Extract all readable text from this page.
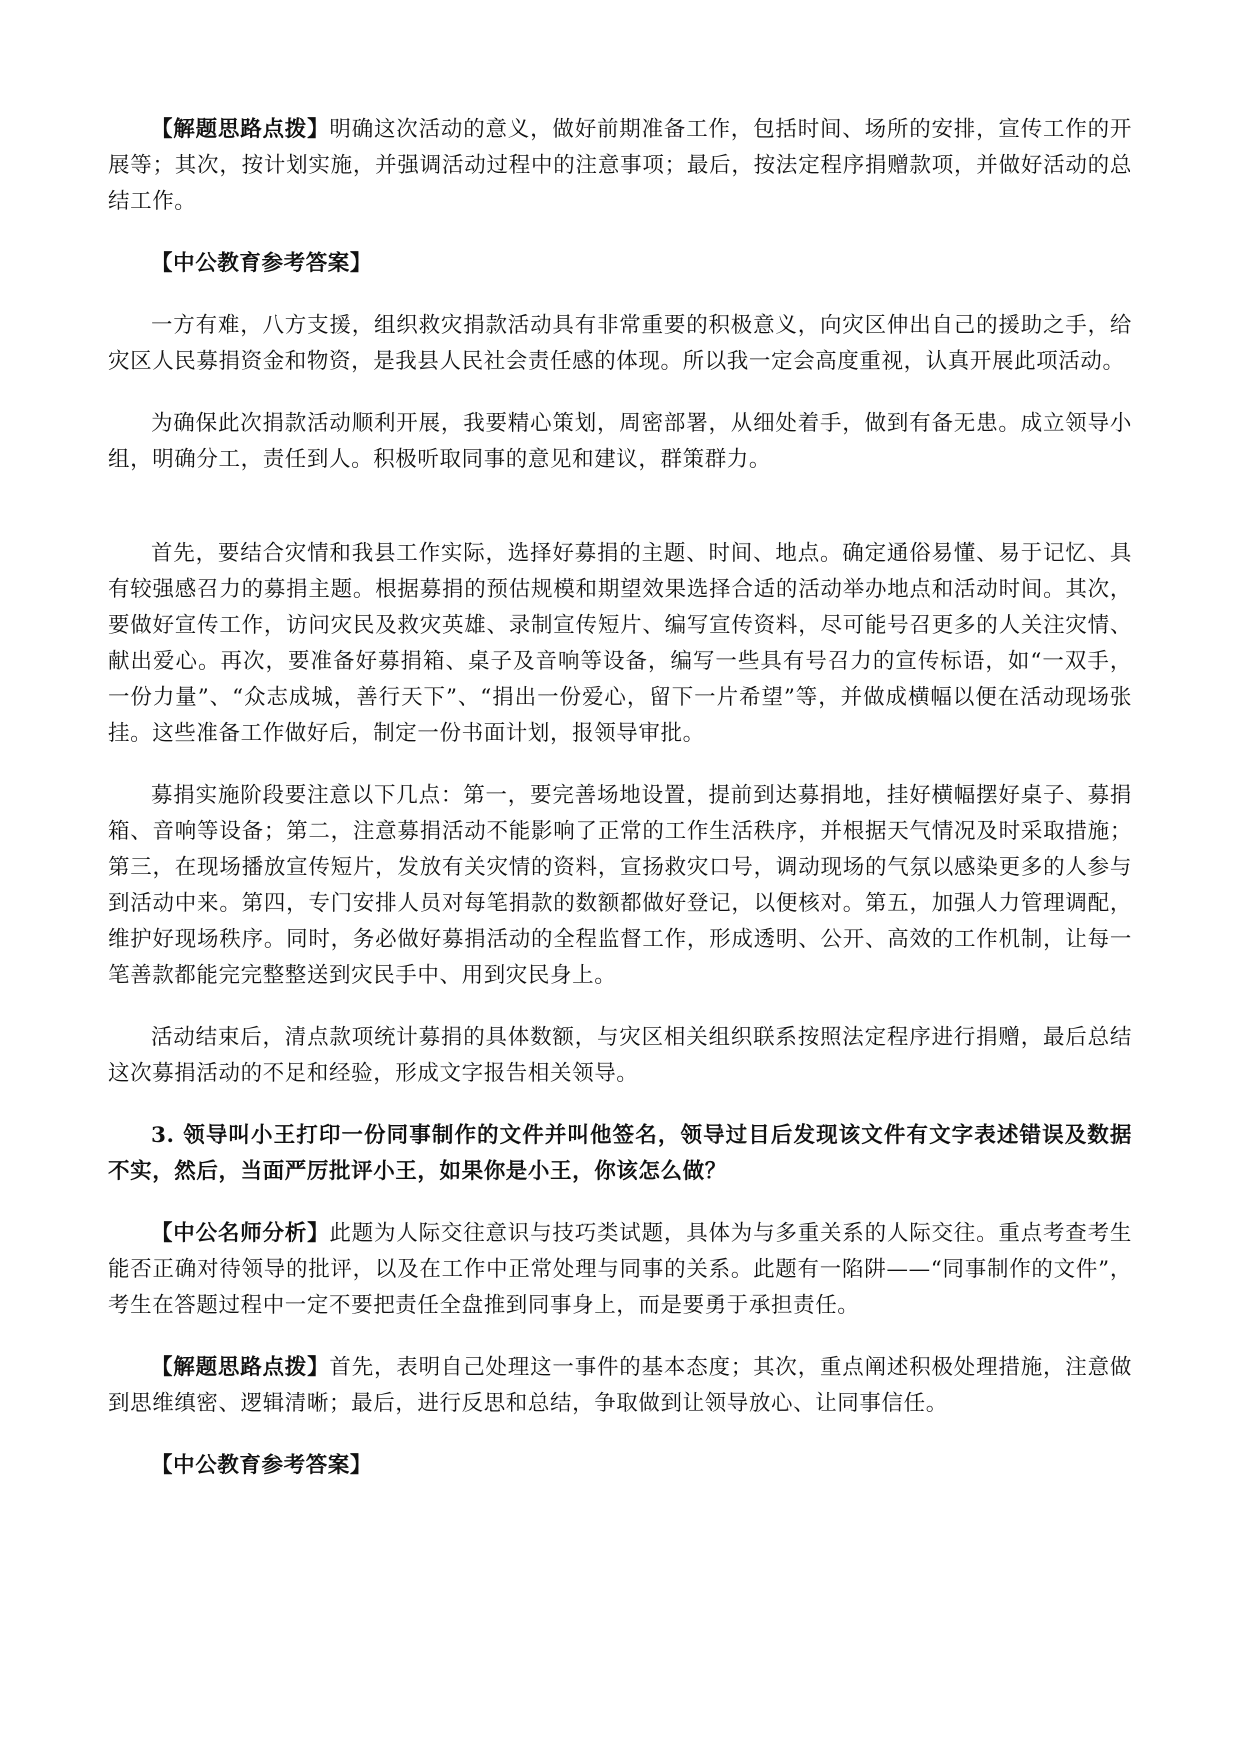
【解题思路点拨】明确这次活动的意义，做好前期准备工作，包括时间、场所的安排，宣传工作的开展等；其次，按计划实施，并强调活动过程中的注意事项；最后，按法定程序捐赠款项，并做好活动的总结工作。

【中公教育参考答案】

一方有难，八方支援，组织救灾捐款活动具有非常重要的积极意义，向灾区伸出自己的援助之手，给灾区人民募捐资金和物资，是我县人民社会责任感的体现。所以我一定会高度重视，认真开展此项活动。

为确保此次捐款活动顺利开展，我要精心策划，周密部署，从细处着手，做到有备无患。成立领导小组，明确分工，责任到人。积极听取同事的意见和建议，群策群力。

首先，要结合灾情和我县工作实际，选择好募捐的主题、时间、地点。确定通俗易懂、易于记忆、具有较强感召力的募捐主题。根据募捐的预估规模和期望效果选择合适的活动举办地点和活动时间。其次，要做好宣传工作，访问灾民及救灾英雄、录制宣传短片、编写宣传资料，尽可能号召更多的人关注灾情、献出爱心。再次，要准备好募捐箱、桌子及音响等设备，编写一些具有号召力的宣传标语，如“一双手，一份力量”、“众志成城，善行天下”、“捐出一份爱心，留下一片希望”等，并做成横幅以便在活动现场张挂。这些准备工作做好后，制定一份书面计划，报领导审批。

募捐实施阶段要注意以下几点：第一，要完善场地设置，提前到达募捐地，挂好横幅摆好桌子、募捐箱、音响等设备；第二，注意募捐活动不能影响了正常的工作生活秩序，并根据天气情况及时采取措施；第三，在现场播放宣传短片，发放有关灾情的资料，宣扬救灾口号，调动现场的气氛以感染更多的人参与到活动中来。第四，专门安排人员对每笔捐款的数额都做好登记，以便核对。第五，加强人力管理调配，维护好现场秩序。同时，务必做好募捐活动的全程监督工作，形成透明、公开、高效的工作机制，让每一笔善款都能完完整整送到灾民手中、用到灾民身上。

活动结束后，清点款项统计募捐的具体数额，与灾区相关组织联系按照法定程序进行捐赠，最后总结这次募捐活动的不足和经验，形成文字报告相关领导。

3. 领导叫小王打印一份同事制作的文件并叫他签名，领导过目后发现该文件有文字表述错误及数据不实，然后，当面严厉批评小王，如果你是小王，你该怎么做？

【中公名师分析】此题为人际交往意识与技巧类试题，具体为与多重关系的人际交往。重点考查考生能否正确对待领导的批评，以及在工作中正常处理与同事的关系。此题有一陷阱——“同事制作的文件”，考生在答题过程中一定不要把责任全盘推到同事身上，而是要勇于承担责任。

【解题思路点拨】首先，表明自己处理这一事件的基本态度；其次，重点阐述积极处理措施，注意做到思维缜密、逻辑清晰；最后，进行反思和总结，争取做到让领导放心、让同事信任。

【中公教育参考答案】
